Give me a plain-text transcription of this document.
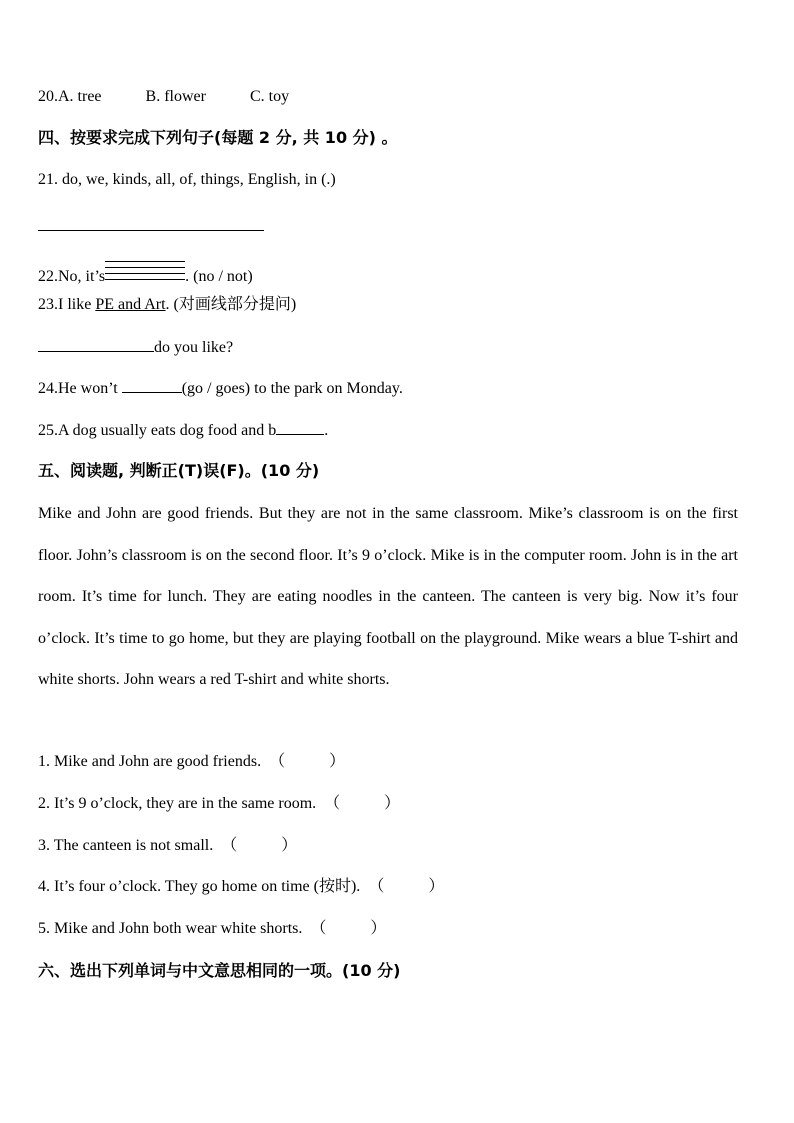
20.A. tree	B. flower	C. toy
四、按要求完成下列句子(每题 2 分, 共 10 分) 。
21. do, we, kinds, all, of, things, English, in (.)
22.No, it’s	. (no / not)
23.I like PE and Art. (对画线部分提问)
do you like?
24.He won’t	(go / goes) to the park on Monday.
25.A dog usually eats dog food and b	.
五、阅读题, 判断正(T)误(F)。(10 分)
Mike and John are good friends. But they are not in the same classroom. Mike’s classroom is on the first floor. John’s classroom is on the second floor. It’s 9 o’clock. Mike is in the computer room. John is in the art room. It’s time for lunch. They are eating noodles in the canteen. The canteen is very big. Now it’s four o’clock. It’s time to go home, but they are playing football on the playground. Mike wears a blue T-shirt and white shorts. John wears a red T-shirt and white shorts.
1. Mike and John are good friends. （	）
2. It’s 9 o’clock, they are in the same room. （	）
3. The canteen is not small. （	）
4. It’s four o’clock. They go home on time (按时). （	）
5. Mike and John both wear white shorts. （	）
六、选出下列单词与中文意思相同的一项。(10 分)
